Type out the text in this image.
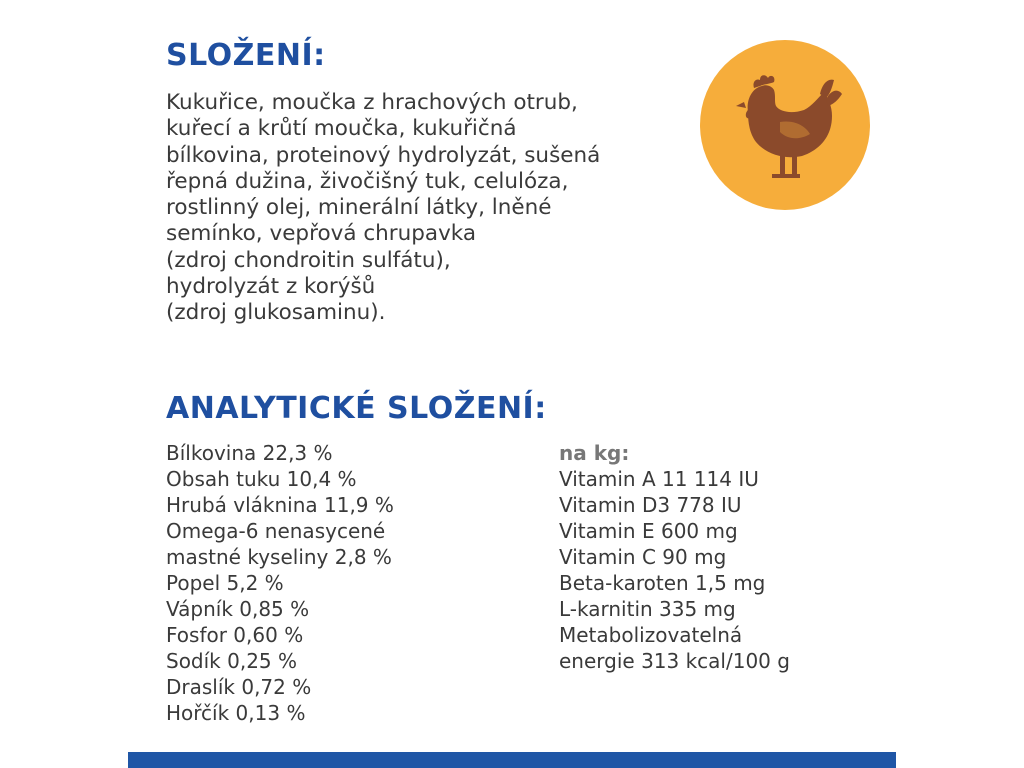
SLOŽENÍ:
Kukuřice, moučka z hrachových otrub,
kuřecí a krůtí moučka, kukuřičná
bílkovina, proteinový hydrolyzát, sušená
řepná dužina, živočišný tuk, celulóza,
rostlinný olej, minerální látky, lněné
semínko, vepřová chrupavka
(zdroj chondroitin sulfátu),
hydrolyzát z korýšů
(zdroj glukosaminu).
ANALYTICKÉ SLOŽENÍ:
Bílkovina 22,3 %
Obsah tuku 10,4 %
Hrubá vláknina 11,9 %
Omega-6 nenasycené
mastné kyseliny 2,8 %
Popel 5,2 %
Vápník 0,85 %
Fosfor 0,60 %
Sodík 0,25 %
Draslík 0,72 %
Hořčík 0,13 %

na kg:

Vitamin A 11 114 IU
Vitamin D3 778 IU
Vitamin E 600 mg
Vitamin C 90 mg
Beta-karoten 1,5 mg
L-karnitin 335 mg
Metabolizovatelná
energie 313 kcal/100 g
